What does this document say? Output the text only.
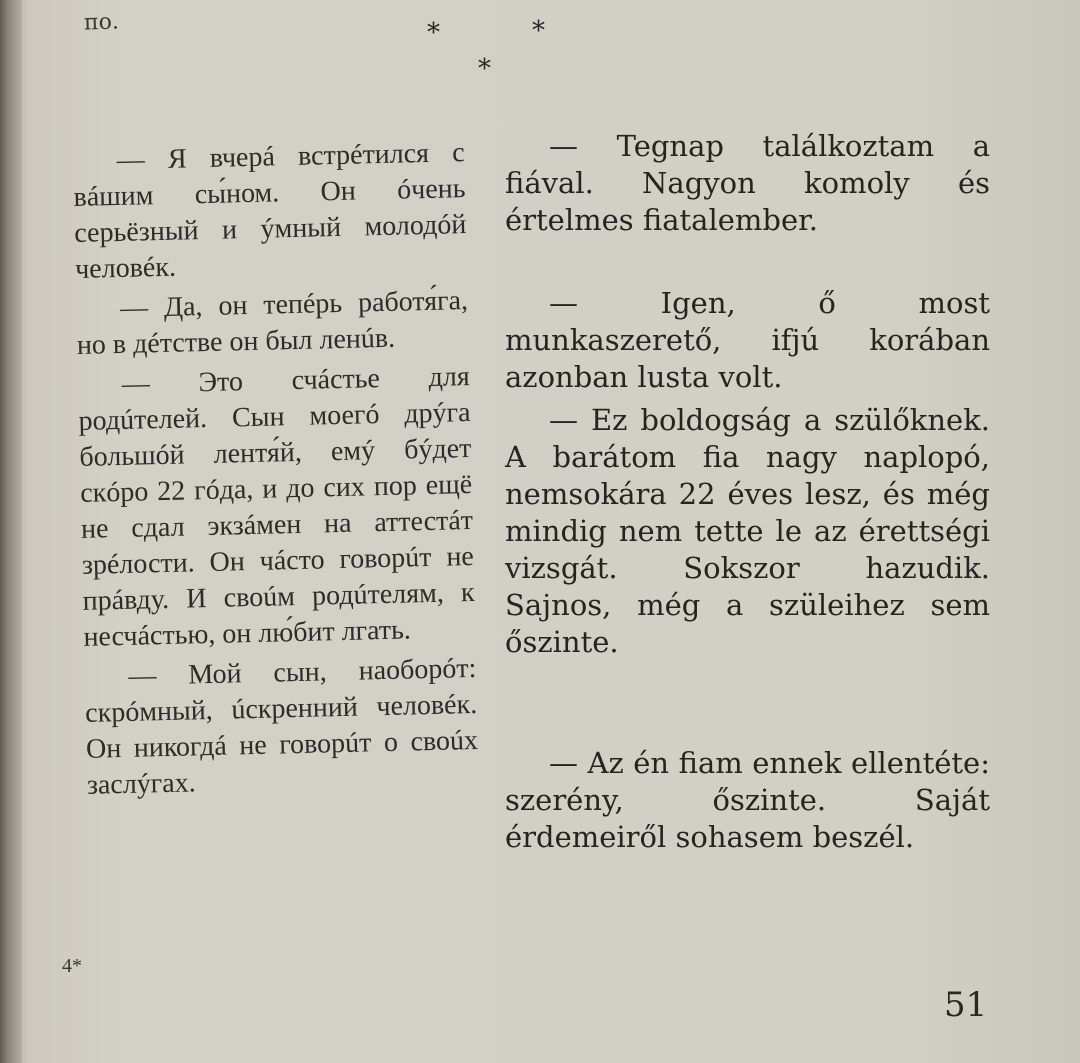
по.	*	*
*

— Я вчерá встрéтился с вáшим сы́ном. Он óчень серьёзный и ýмный молодóй человéк.

— Да, он тепéрь работя́га, но в дéтстве он был ленúв.

— Это счáстье для родúтелей. Сын моегó дрýга большóй лентя́й, емý бýдет скóро 22 гóда, и до сих пор ещё не сдал экзáмен на аттестáт зрéлости. Он чáсто говорúт не прáвду. И своúм родúтелям, к несчáстью, он лю́бит лгать.

— Мой сын, наоборóт: скрóмный, úскренний человéк. Он никогдá не говорúт о своúх заслýгах.

— Tegnap találkoztam a fiával. Nagyon komoly és értelmes fiatalember.

— Igen, ő most munkaszerető, ifjú korában azonban lusta volt.

— Ez boldogság a szülőknek. A barátom fia nagy naplopó, nemsokára 22 éves lesz, és még mindig nem tette le az érettségi vizsgát. Sokszor hazudik. Sajnos, még a szüleihez sem őszinte.

— Az én fiam ennek ellentéte: szerény, őszinte. Saját érdemeiről sohasem beszél.

4*
51
